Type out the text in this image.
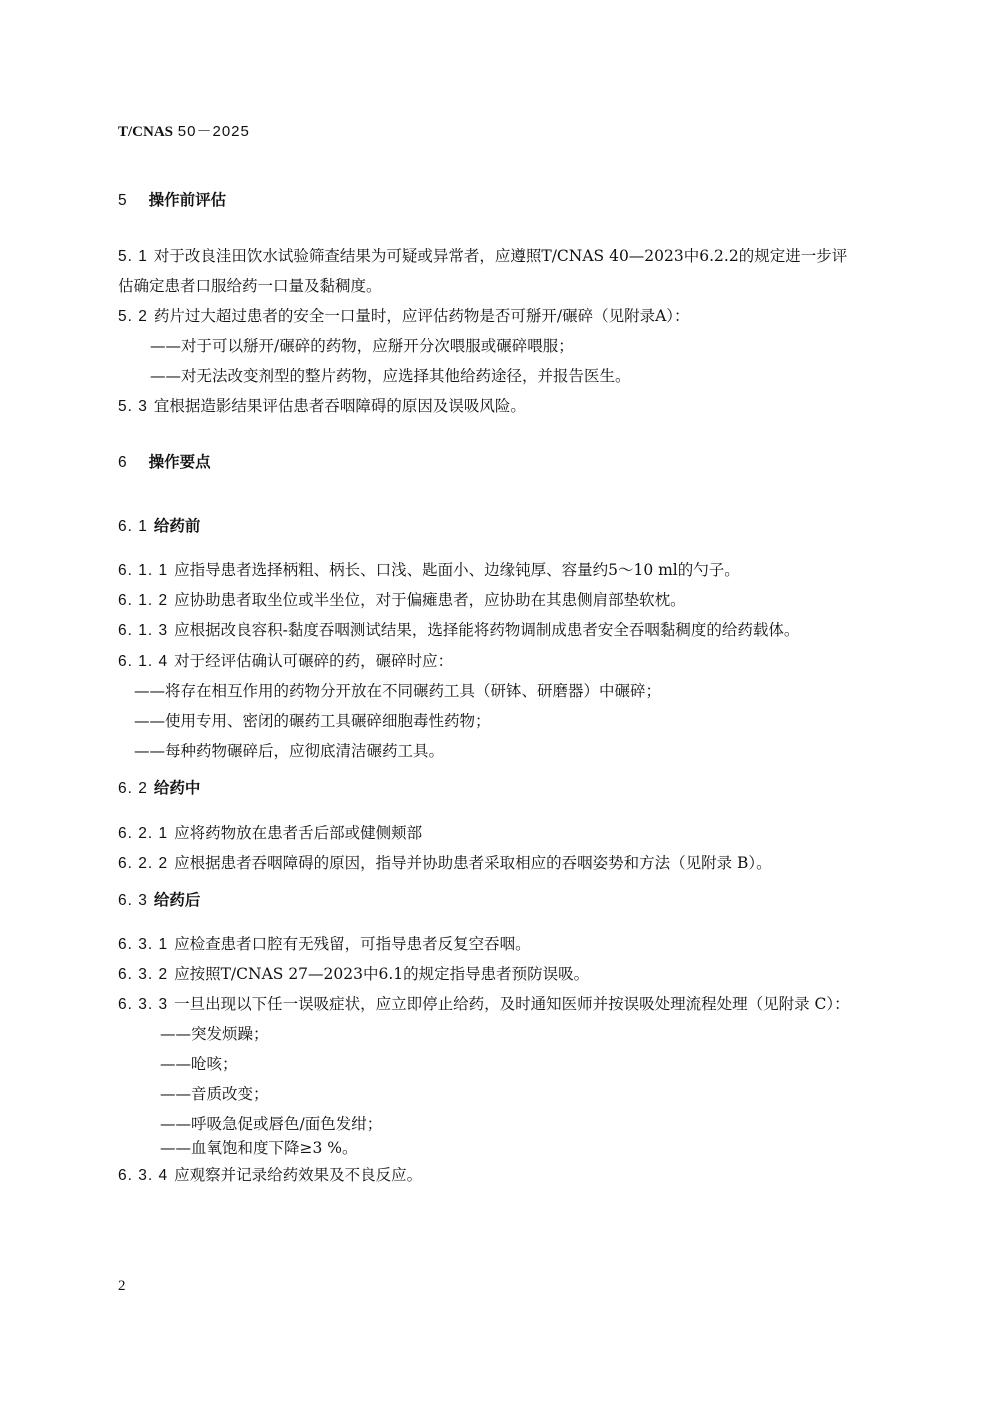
T/CNAS 50－2025
5 操作前评估
5. 1 对于改良洼田饮水试验筛查结果为可疑或异常者，应遵照T/CNAS 40—2023中6.2.2的规定进一步评
估确定患者口服给药一口量及黏稠度。
5. 2 药片过大超过患者的安全一口量时，应评估药物是否可掰开/碾碎（见附录A）：
——对于可以掰开/碾碎的药物，应掰开分次喂服或碾碎喂服；
——对无法改变剂型的整片药物，应选择其他给药途径，并报告医生。
5. 3 宜根据造影结果评估患者吞咽障碍的原因及误吸风险。
6 操作要点
6. 1 给药前
6. 1. 1 应指导患者选择柄粗、柄长、口浅、匙面小、边缘钝厚、容量约5～10 ml的勺子。
6. 1. 2 应协助患者取坐位或半坐位，对于偏瘫患者，应协助在其患侧肩部垫软枕。
6. 1. 3 应根据改良容积-黏度吞咽测试结果，选择能将药物调制成患者安全吞咽黏稠度的给药载体。
6. 1. 4 对于经评估确认可碾碎的药，碾碎时应：
——将存在相互作用的药物分开放在不同碾药工具（研钵、研磨器）中碾碎；
——使用专用、密闭的碾药工具碾碎细胞毒性药物；
——每种药物碾碎后，应彻底清洁碾药工具。
6. 2 给药中
6. 2. 1 应将药物放在患者舌后部或健侧颊部
6. 2. 2 应根据患者吞咽障碍的原因，指导并协助患者采取相应的吞咽姿势和方法（见附录 B）。
6. 3 给药后
6. 3. 1 应检查患者口腔有无残留，可指导患者反复空吞咽。
6. 3. 2 应按照T/CNAS 27—2023中6.1的规定指导患者预防误吸。
6. 3. 3 一旦出现以下任一误吸症状，应立即停止给药，及时通知医师并按误吸处理流程处理（见附录 C）：
——突发烦躁；
——呛咳；
——音质改变；
——呼吸急促或唇色/面色发绀；
——血氧饱和度下降≥3 %。
6. 3. 4 应观察并记录给药效果及不良反应。
2
